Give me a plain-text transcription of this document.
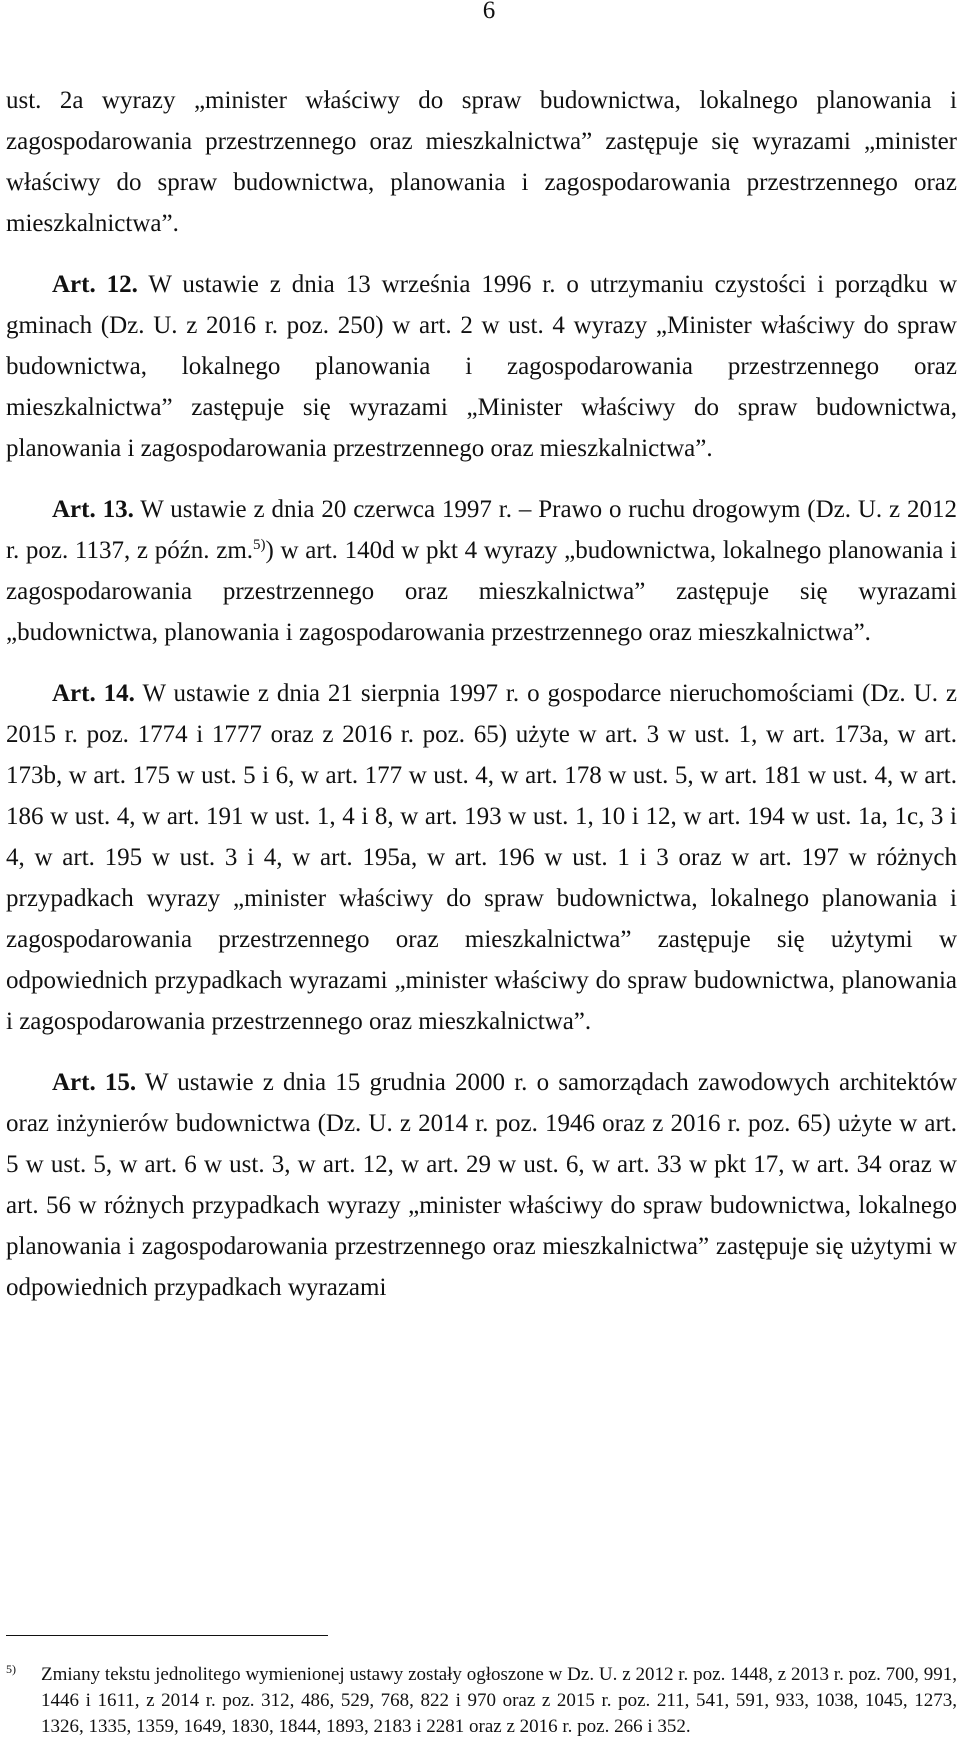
6

ust. 2a wyrazy „minister właściwy do spraw budownictwa, lokalnego planowania i zagospodarowania przestrzennego oraz mieszkalnictwa” zastępuje się wyrazami „minister właściwy do spraw budownictwa, planowania i zagospodarowania przestrzennego oraz mieszkalnictwa”.

Art. 12. W ustawie z dnia 13 września 1996 r. o utrzymaniu czystości i porządku w gminach (Dz. U. z 2016 r. poz. 250) w art. 2 w ust. 4 wyrazy „Minister właściwy do spraw budownictwa, lokalnego planowania i zagospodarowania przestrzennego oraz mieszkalnictwa” zastępuje się wyrazami „Minister właściwy do spraw budownictwa, planowania i zagospodarowania przestrzennego oraz mieszkalnictwa”.

Art. 13. W ustawie z dnia 20 czerwca 1997 r. – Prawo o ruchu drogowym (Dz. U. z 2012 r. poz. 1137, z późn. zm.$^{5)}$) w art. 140d w pkt 4 wyrazy „budownictwa, lokalnego planowania i zagospodarowania przestrzennego oraz mieszkalnictwa” zastępuje się wyrazami „budownictwa, planowania i zagospodarowania przestrzennego oraz mieszkalnictwa”.

Art. 14. W ustawie z dnia 21 sierpnia 1997 r. o gospodarce nieruchomościami (Dz. U. z 2015 r. poz. 1774 i 1777 oraz z 2016 r. poz. 65) użyte w art. 3 w ust. 1, w art. 173a, w art. 173b, w art. 175 w ust. 5 i 6, w art. 177 w ust. 4, w art. 178 w ust. 5, w art. 181 w ust. 4, w art. 186 w ust. 4, w art. 191 w ust. 1, 4 i 8, w art. 193 w ust. 1, 10 i 12, w art. 194 w ust. 1a, 1c, 3 i 4, w art. 195 w ust. 3 i 4, w art. 195a, w art. 196 w ust. 1 i 3 oraz w art. 197 w różnych przypadkach wyrazy „minister właściwy do spraw budownictwa, lokalnego planowania i zagospodarowania przestrzennego oraz mieszkalnictwa” zastępuje się użytymi w odpowiednich przypadkach wyrazami „minister właściwy do spraw budownictwa, planowania i zagospodarowania przestrzennego oraz mieszkalnictwa”.

Art. 15. W ustawie z dnia 15 grudnia 2000 r. o samorządach zawodowych architektów oraz inżynierów budownictwa (Dz. U. z 2014 r. poz. 1946 oraz z 2016 r. poz. 65) użyte w art. 5 w ust. 5, w art. 6 w ust. 3, w art. 12, w art. 29 w ust. 6, w art. 33 w pkt 17, w art. 34 oraz w art. 56 w różnych przypadkach wyrazy „minister właściwy do spraw budownictwa, lokalnego planowania i zagospodarowania przestrzennego oraz mieszkalnictwa” zastępuje się użytymi w odpowiednich przypadkach wyrazami

5)	Zmiany tekstu jednolitego wymienionej ustawy zostały ogłoszone w Dz. U. z 2012 r. poz. 1448, z 2013 r. poz. 700, 991, 1446 i 1611, z 2014 r. poz. 312, 486, 529, 768, 822 i 970 oraz z 2015 r. poz. 211, 541, 591, 933, 1038, 1045, 1273, 1326, 1335, 1359, 1649, 1830, 1844, 1893, 2183 i 2281 oraz z 2016 r. poz. 266 i 352.
